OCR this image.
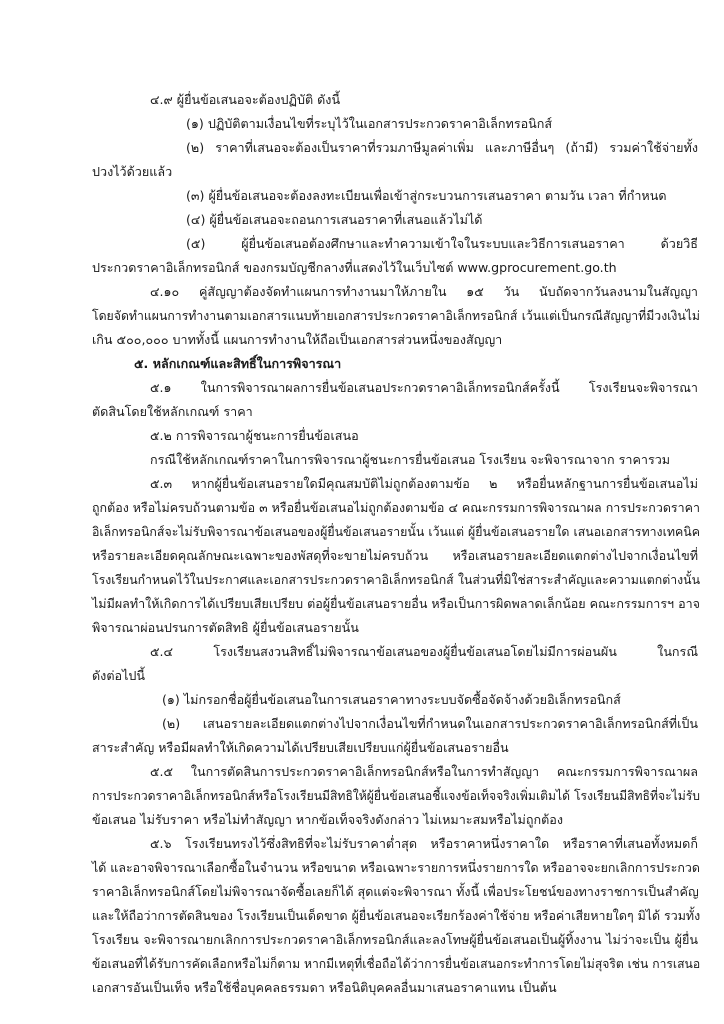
๔.๙ ผู้ยื่นข้อเสนอจะต้องปฏิบัติ ดังนี้
(๑) ปฏิบัติตามเงื่อนไขที่ระบุไว้ในเอกสารประกวดราคาอิเล็กทรอนิกส์
(๒) ราคาที่เสนอจะต้องเป็นราคาที่รวมภาษีมูลค่าเพิ่ม และภาษีอื่นๆ (ถ้ามี) รวมค่าใช้จ่ายทั้ง
ปวงไว้ด้วยแล้ว
(๓) ผู้ยื่นข้อเสนอจะต้องลงทะเบียนเพื่อเข้าสู่กระบวนการเสนอราคา ตามวัน เวลา ที่กำหนด
(๔) ผู้ยื่นข้อเสนอจะถอนการเสนอราคาที่เสนอแล้วไม่ได้
(๕) ผู้ยื่นข้อเสนอต้องศึกษาและทำความเข้าใจในระบบและวิธีการเสนอราคา ด้วยวิธี
ประกวดราคาอิเล็กทรอนิกส์ ของกรมบัญชีกลางที่แสดงไว้ในเว็บไซต์ www.gprocurement.go.th
๔.๑๐ คู่สัญญาต้องจัดทำแผนการทำงานมาให้ภายใน ๑๕ วัน นับถัดจากวันลงนามในสัญญา
โดยจัดทำแผนการทำงานตามเอกสารแนบท้ายเอกสารประกวดราคาอิเล็กทรอนิกส์ เว้นแต่เป็นกรณีสัญญาที่มีวงเงินไม่
เกิน ๕๐๐,๐๐๐ บาททั้งนี้ แผนการทำงานให้ถือเป็นเอกสารส่วนหนึ่งของสัญญา
๕. หลักเกณฑ์และสิทธิ์ในการพิจารณา
๕.๑ ในการพิจารณาผลการยื่นข้อเสนอประกวดราคาอิเล็กทรอนิกส์ครั้งนี้ โรงเรียนจะพิจารณา
ตัดสินโดยใช้หลักเกณฑ์ ราคา
๕.๒ การพิจารณาผู้ชนะการยื่นข้อเสนอ
กรณีใช้หลักเกณฑ์ราคาในการพิจารณาผู้ชนะการยื่นข้อเสนอ โรงเรียน จะพิจารณาจาก ราคารวม
๕.๓ หากผู้ยื่นข้อเสนอรายใดมีคุณสมบัติไม่ถูกต้องตามข้อ ๒ หรือยื่นหลักฐานการยื่นข้อเสนอไม่
ถูกต้อง หรือไม่ครบถ้วนตามข้อ ๓ หรือยื่นข้อเสนอไม่ถูกต้องตามข้อ ๔ คณะกรรมการพิจารณาผล การประกวดราคา
อิเล็กทรอนิกส์จะไม่รับพิจารณาข้อเสนอของผู้ยื่นข้อเสนอรายนั้น เว้นแต่ ผู้ยื่นข้อเสนอรายใด เสนอเอกสารทางเทคนิค
หรือรายละเอียดคุณลักษณะเฉพาะของพัสดุที่จะขายไม่ครบถ้วน หรือเสนอรายละเอียดแตกต่างไปจากเงื่อนไขที่
โรงเรียนกำหนดไว้ในประกาศและเอกสารประกวดราคาอิเล็กทรอนิกส์ ในส่วนที่มิใช่สาระสำคัญและความแตกต่างนั้น
ไม่มีผลทำให้เกิดการได้เปรียบเสียเปรียบ ต่อผู้ยื่นข้อเสนอรายอื่น หรือเป็นการผิดพลาดเล็กน้อย คณะกรรมการฯ อาจ
พิจารณาผ่อนปรนการตัดสิทธิ ผู้ยื่นข้อเสนอรายนั้น
๕.๔ โรงเรียนสงวนสิทธิ์ไม่พิจารณาข้อเสนอของผู้ยื่นข้อเสนอโดยไม่มีการผ่อนผัน ในกรณี
ดังต่อไปนี้
(๑) ไม่กรอกชื่อผู้ยื่นข้อเสนอในการเสนอราคาทางระบบจัดซื้อจัดจ้างด้วยอิเล็กทรอนิกส์
(๒) เสนอรายละเอียดแตกต่างไปจากเงื่อนไขที่กำหนดในเอกสารประกวดราคาอิเล็กทรอนิกส์ที่เป็น
สาระสำคัญ หรือมีผลทำให้เกิดความได้เปรียบเสียเปรียบแก่ผู้ยื่นข้อเสนอรายอื่น
๕.๕ ในการตัดสินการประกวดราคาอิเล็กทรอนิกส์หรือในการทำสัญญา คณะกรรมการพิจารณาผล
การประกวดราคาอิเล็กทรอนิกส์หรือโรงเรียนมีสิทธิให้ผู้ยื่นข้อเสนอชี้แจงข้อเท็จจริงเพิ่มเติมได้ โรงเรียนมีสิทธิที่จะไม่รับ
ข้อเสนอ ไม่รับราคา หรือไม่ทำสัญญา หากข้อเท็จจริงดังกล่าว ไม่เหมาะสมหรือไม่ถูกต้อง
๕.๖ โรงเรียนทรงไว้ซึ่งสิทธิที่จะไม่รับราคาต่ำสุด หรือราคาหนึ่งราคาใด หรือราคาที่เสนอทั้งหมดก็
ได้ และอาจพิจารณาเลือกซื้อในจำนวน หรือขนาด หรือเฉพาะรายการหนึ่งรายการใด หรืออาจจะยกเลิกการประกวด
ราคาอิเล็กทรอนิกส์โดยไม่พิจารณาจัดซื้อเลยก็ได้ สุดแต่จะพิจารณา ทั้งนี้ เพื่อประโยชน์ของทางราชการเป็นสำคัญ
และให้ถือว่าการตัดสินของ โรงเรียนเป็นเด็ดขาด ผู้ยื่นข้อเสนอจะเรียกร้องค่าใช้จ่าย หรือค่าเสียหายใดๆ มิได้ รวมทั้ง
โรงเรียน จะพิจารณายกเลิกการประกวดราคาอิเล็กทรอนิกส์และลงโทษผู้ยื่นข้อเสนอเป็นผู้ทิ้งงาน ไม่ว่าจะเป็น ผู้ยื่น
ข้อเสนอที่ได้รับการคัดเลือกหรือไม่ก็ตาม หากมีเหตุที่เชื่อถือได้ว่าการยื่นข้อเสนอกระทำการโดยไม่สุจริต เช่น การเสนอ
เอกสารอันเป็นเท็จ หรือใช้ชื่อบุคคลธรรมดา หรือนิติบุคคลอื่นมาเสนอราคาแทน เป็นต้น
